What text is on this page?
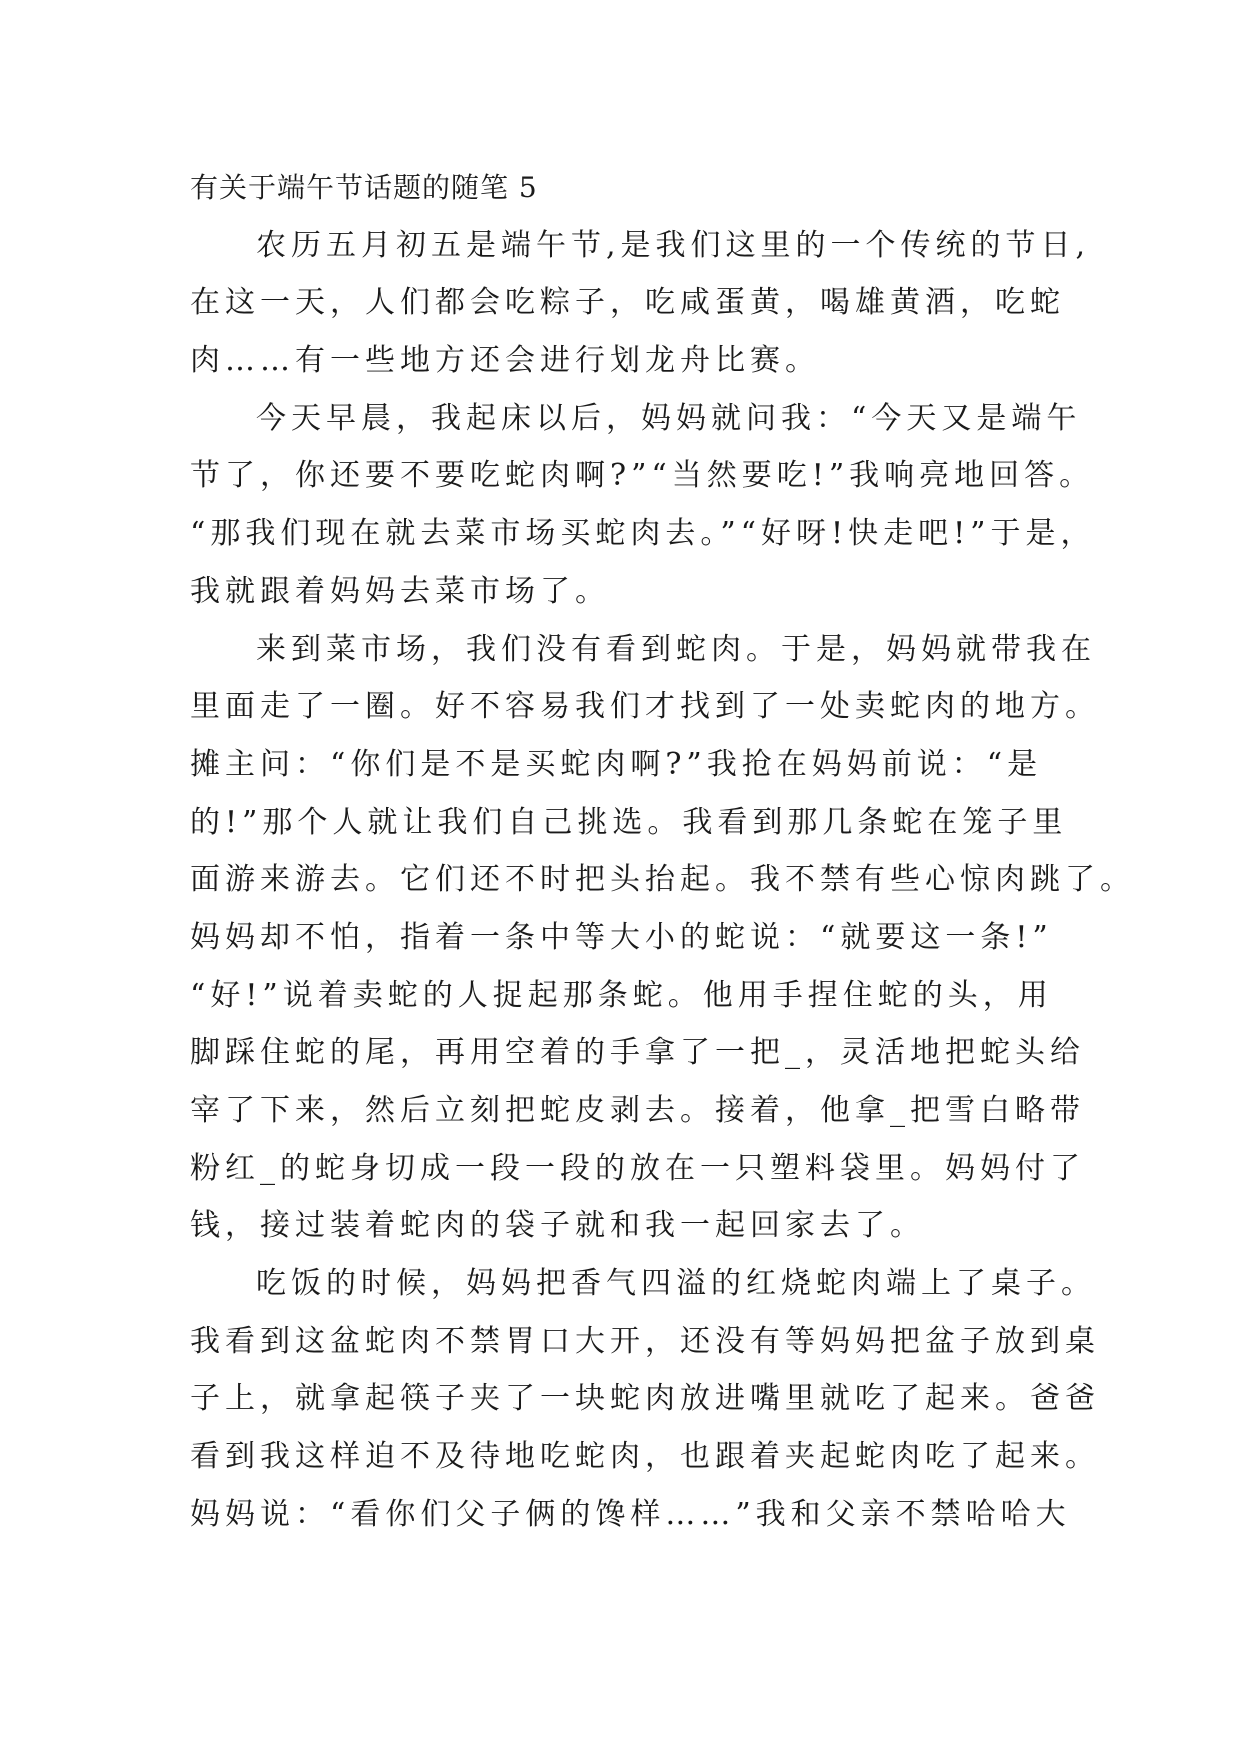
有关于端午节话题的随笔 5
农历五月初五是端午节,是我们这里的一个传统的节日,
在这一天，人们都会吃粽子，吃咸蛋黄，喝雄黄酒，吃蛇
肉……有一些地方还会进行划龙舟比赛。
今天早晨，我起床以后，妈妈就问我：“今天又是端午
节了，你还要不要吃蛇肉啊?”“当然要吃!”我响亮地回答。
“那我们现在就去菜市场买蛇肉去。”“好呀!快走吧!”于是，
我就跟着妈妈去菜市场了。
来到菜市场，我们没有看到蛇肉。于是，妈妈就带我在
里面走了一圈。好不容易我们才找到了一处卖蛇肉的地方。
摊主问：“你们是不是买蛇肉啊?”我抢在妈妈前说：“是
的!”那个人就让我们自己挑选。我看到那几条蛇在笼子里
面游来游去。它们还不时把头抬起。我不禁有些心惊肉跳了。
妈妈却不怕，指着一条中等大小的蛇说：“就要这一条!”
“好!”说着卖蛇的人捉起那条蛇。他用手捏住蛇的头，用
脚踩住蛇的尾，再用空着的手拿了一把_，灵活地把蛇头给
宰了下来，然后立刻把蛇皮剥去。接着，他拿_把雪白略带
粉红_的蛇身切成一段一段的放在一只塑料袋里。妈妈付了
钱，接过装着蛇肉的袋子就和我一起回家去了。
吃饭的时候，妈妈把香气四溢的红烧蛇肉端上了桌子。
我看到这盆蛇肉不禁胃口大开，还没有等妈妈把盆子放到桌
子上，就拿起筷子夹了一块蛇肉放进嘴里就吃了起来。爸爸
看到我这样迫不及待地吃蛇肉，也跟着夹起蛇肉吃了起来。
妈妈说：“看你们父子俩的馋样……”我和父亲不禁哈哈大
